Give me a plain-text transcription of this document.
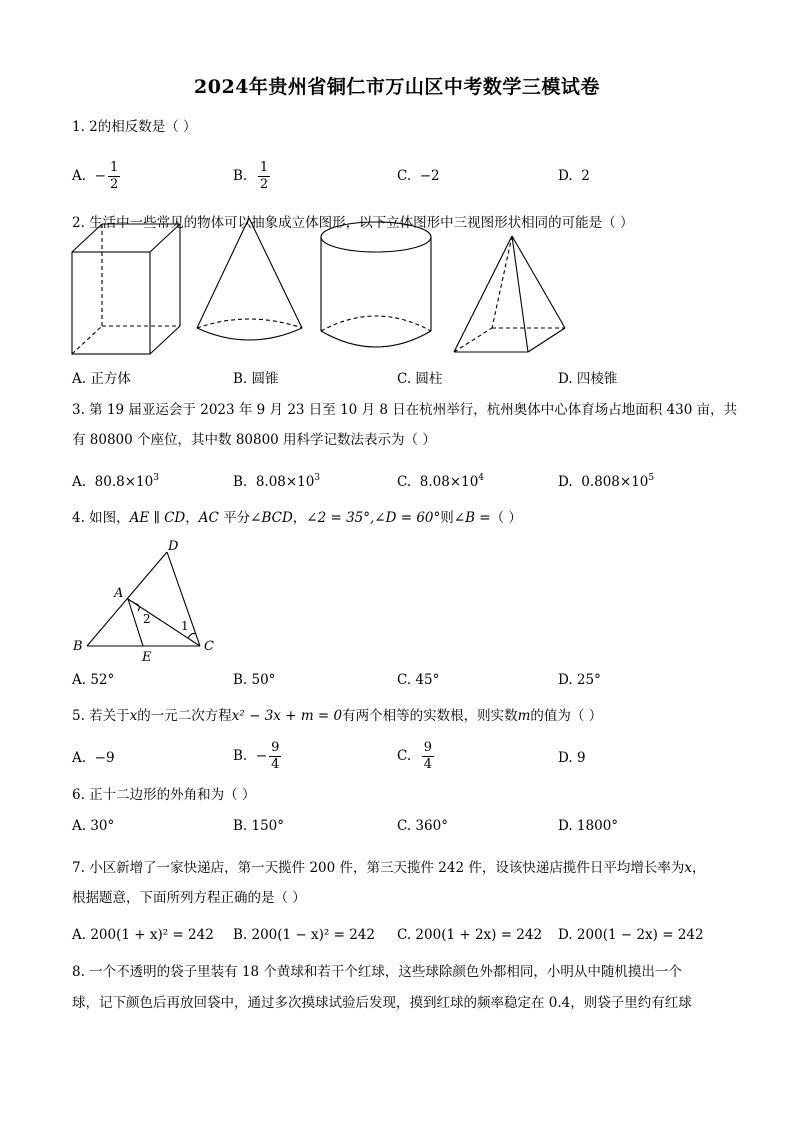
2024年贵州省铜仁市万山区中考数学三模试卷
1. 2的相反数是（ ）
A. − $\frac{1}{2}$	B. $\frac{1}{2}$	C. −2	D. 2
2. 生活中一些常见的物体可以抽象成立体图形，以下立体图形中三视图形状相同的可能是（ ）
A. 正方体	B. 圆锥	C. 圆柱	D. 四棱锥
3. 第 19 届亚运会于 2023 年 9 月 23 日至 10 月 8 日在杭州举行，杭州奥体中心体育场占地面积 430 亩，共
有 80800 个座位，其中数 80800 用科学记数法表示为（ ）
A. $80.8\times 10^3$	B. $8.08\times 10^3$	C. $8.08\times 10^4$	D. $0.808\times 10^5$
4. 如图，AE ∥ CD，AC 平分∠BCD，∠2 = 35°,∠D = 60°则∠B =（ ）
D
A
B
E
C
1
2
A. 52°	B. 50°	C. 45°	D. 25°
5. 若关于x的一元二次方程x² − 3x + m = 0有两个相等的实数根，则实数m的值为（ ）
A. −9	B. − $\frac{9}{4}$	C. $\frac{9}{4}$	D. 9
6. 正十二边形的外角和为（ ）
A. 30°	B. 150°	C. 360°	D. 1800°
7. 小区新增了一家快递店，第一天揽件 200 件，第三天揽件 242 件，设该快递店揽件日平均增长率为x，
根据题意，下面所列方程正确的是（ ）
A. 200(1 + x)² = 242 B. 200(1 − x)² = 242 C. 200(1 + 2x) = 242 D. 200(1 − 2x) = 242
8. 一个不透明的袋子里装有 18 个黄球和若干个红球，这些球除颜色外都相同，小明从中随机摸出一个
球，记下颜色后再放回袋中，通过多次摸球试验后发现，摸到红球的频率稳定在 0.4，则袋子里约有红球
